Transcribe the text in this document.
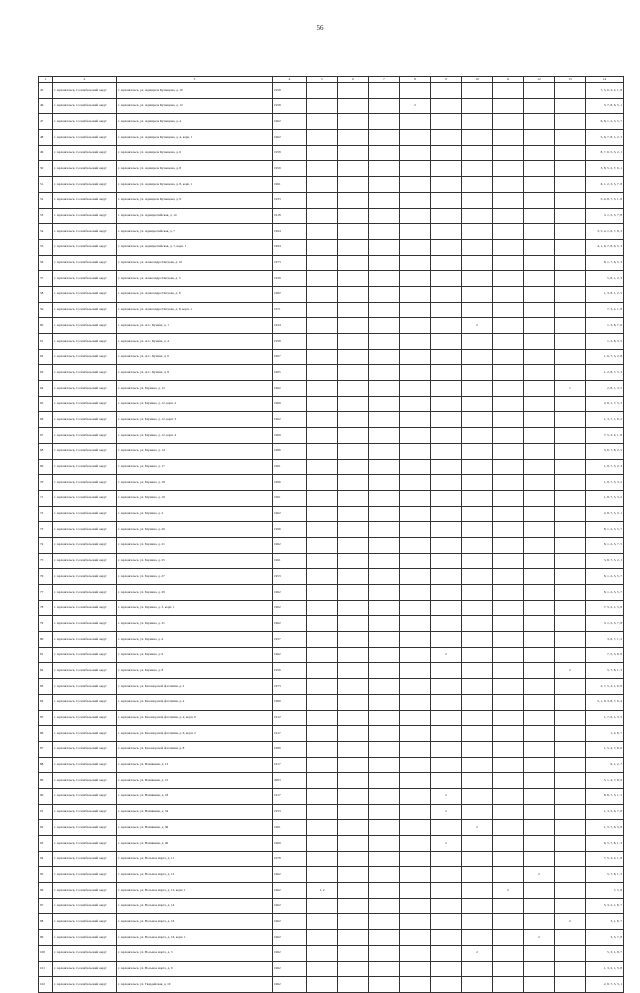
56
1	2	3	4	5	6	7	8	9	10	11	12	13	14
45	г. Архангельск, Соломбальский округ	г. Архангельск, ул. Адмирала Кузнецова, д. 10	1958										7, 5, 6, 3, 2, 1, 8
46	г. Архангельск, Соломбальский округ	г. Архангельск, ул. Адмирала Кузнецова, д. 12	1958				2						3, 7, 8, 6, 5, 1
47	г. Архангельск, Соломбальский округ	г. Архангельск, ул. Адмирала Кузнецова, д. 4	1962										6, 8, 1, 2, 3, 5, 7
48	г. Архангельск, Соломбальский округ	г. Архангельск, ул. Адмирала Кузнецова, д. 4, корп. 1	1962										5, 6, 7, 8, 1, 2, 3
49	г. Архангельск, Соломбальский округ	г. Архангельск, ул. Адмирала Кузнецова, д. 6	1958										8, 7, 6, 5, 3, 2, 1
50	г. Архангельск, Соломбальский округ	г. Архангельск, ул. Адмирала Кузнецова, д. 8	1959										3, 8, 5, 2, 7, 6, 1
51	г. Архангельск, Соломбальский округ	г. Архангельск, ул. Адмирала Кузнецова, д. 8, корп. 1	1961										6, 1, 2, 3, 5, 7, 8
52	г. Архангельск, Соломбальский округ	г. Архангельск, ул. Адмирала Кузнецова, д. 9	1933										5, 4, 8, 7, 3, 1, 6
53	г. Архангельск, Соломбальский округ	г. Архангельск, ул. Адмиралтейская, д. 14	1918										3, 1, 2, 5, 7, 8
54	г. Архангельск, Соломбальский округ	г. Архангельск, ул. Адмиралтейская, д. 7	1994										3, 5, 4, 1, 6, 7, 8, 3
55	г. Архангельск, Соломбальский округ	г. Архангельск, ул. Адмиралтейская, д. 7, корп. 1	1994										4, 1, 6, 7, 8, 9, 5, 3
56	г. Архангельск, Соломбальский округ	г. Архангельск, ул. Александра Петрова, д. 10	1973										8, 1, 7, 6, 5, 3
57	г. Архангельск, Соломбальский округ	г. Архангельск, ул. Александра Петрова, д. 5	1939										5, 8, 1, 2, 3
58	г. Архангельск, Соломбальский округ	г. Архангельск, ул. Александра Петрова, д. 8	1982										1, 3, 8, 1, 2, 5
59	г. Архангельск, Соломбальский округ	г. Архангельск, ул. Александра Петрова, д. 8, корп. 1	1971										7, 3, 2, 1, 8
60	г. Архангельск, Соломбальский округ	г. Архангельск, ул. А.С. Кучина, д. 1	1934						2				1, 3, 8, 7, 6
61	г. Архангельск, Соломбальский округ	г. Архангельск, ул. А.С. Кучина, д. 4	1958										1, 2, 8, 3, 5
62	г. Архангельск, Соломбальский округ	г. Архангельск, ул. А.С. Кучина, д. 6	1967										1, 6, 7, 5, 2, 8
63	г. Архангельск, Соломбальский округ	г. Архангельск, ул. А.С. Кучина, д. 8	1965										1, 2, 8, 7, 5, 3
64	г. Архангельск, Соломбальский округ	г. Архангельск, ул. Баумана, д. 12	1962									1	2, 8, 1, 3, 5
65	г. Архангельск, Соломбальский округ	г. Архангельск, ул. Баумана, д. 12, корп. 2	1969										2, 8, 1, 7, 5, 3
66	г. Архангельск, Соломбальский округ	г. Архангельск, ул. Баумана, д. 12, корп. 3	1962										1, 3, 7, 1, 8, 2
67	г. Архангельск, Соломбальский округ	г. Архангельск, ул. Баумана, д. 12, корп. 4	1969										7, 5, 3, 2, 1, 8
68	г. Архангельск, Соломбальский округ	г. Архангельск, ул. Баумана, д. 14	1986										3, 6, 7, 8, 2, 5
69	г. Архангельск, Соломбальский округ	г. Архангельск, ул. Баумана, д. 17	1961										1, 8, 7, 5, 2, 3
70	г. Архангельск, Соломбальский округ	г. Архангельск, ул. Баумана, д. 18	1996										1, 8, 7, 5, 3, 2
71	г. Архангельск, Соломбальский округ	г. Архангельск, ул. Баумана, д. 19	1961										1, 8, 7, 5, 3, 2
72	г. Архангельск, Соломбальский округ	г. Архангельск, ул. Баумана, д. 2	1962										2, 8, 7, 5, 3, 1
73	г. Архангельск, Соломбальский округ	г. Архангельск, ул. Баумана, д. 20	1996										8, 1, 2, 3, 5, 7
74	г. Архангельск, Соломбальский округ	г. Архангельск, ул. Баумана, д. 21	1962										8, 1, 2, 3, 7, 5
75	г. Архангельск, Соломбальский округ	г. Архангельск, ул. Баумана, д. 25	1961										3, 8, 7, 5, 2, 1
76	г. Архангельск, Соломбальский округ	г. Архангельск, ул. Баумана, д. 27	1953										8, 1, 2, 3, 5, 7
77	г. Архангельск, Соломбальский округ	г. Архангельск, ул. Баумана, д. 29	1962										8, 1, 2, 3, 5, 7
78	г. Архангельск, Соломбальский округ	г. Архангельск, ул. Баумана, д. 3, корп. 1	1962										7, 5, 2, 1, 5, 8
79	г. Архангельск, Соломбальский округ	г. Архангельск, ул. Баумана, д. 31	1962										3, 1, 2, 5, 7, 8
80	г. Архангельск, Соломбальский округ	г. Архангельск, ул. Баумана, д. 4	1957										3, 6, 7, 1, 2
81	г. Архангельск, Соломбальский округ	г. Архангельск, ул. Баумана, д. 6	1962					2					7, 5, 3, 8, 8
82	г. Архангельск, Соломбальский округ	г. Архангельск, ул. Баумана, д. 8	1956									2	5, 7, 8, 1, 3
83	г. Архангельск, Соломбальский округ	г. Архангельск, ул. Беломорской флотилии, д. 2	1973										2, 7, 5, 3, 1, 6, 8
84	г. Архангельск, Соломбальский округ	г. Архангельск, ул. Беломорской флотилии, д. 4	1980										5, 1, 9, 3, 8, 7, 6, 4
85	г. Архангельск, Соломбальский округ	г. Архангельск, ул. Беломорской флотилии, д. 4, корп. 6	1912										1, 7, 6, 1, 3, 5
86	г. Архангельск, Соломбальский округ	г. Архангельск, ул. Беломорской флотилии, д. 6, корп. 2	1917										1, 2, 8, 7
87	г. Архангельск, Соломбальский округ	г. Архангельск, ул. Беломорской флотилии, д. 8	1989										1, 5, 4, 7, 8, 6
88	г. Архангельск, Соломбальский округ	г. Архангельск, ул. Валявкина, д. 13	1917										6, 1, 2, 7
89	г. Архангельск, Соломбальский округ	г. Архангельск, ул. Валявкина, д. 15	2003										5, 1, 4, 7, 8, 9
90	г. Архангельск, Соломбальский округ	г. Архангельск, ул. Валявкина, д. 18	1917					2					8, 6, 7, 3, 1, 5
91	г. Архангельск, Соломбальский округ	г. Архангельск, ул. Валявкина, д. 34	1953					2					1, 3, 5, 6, 7, 8
92	г. Архангельск, Соломбальский округ	г. Архангельск, ул. Валявкина, д. 36	1961						2				1, 5, 7, 6, 5, 8
93	г. Архангельск, Соломбальский округ	г. Архангельск, ул. Валявкина, д. 40	1960					2					6, 5, 7, 8, 1, 3
94	г. Архангельск, Соломбальский округ	г. Архангельск, ул. Восьмое марта, д. 11	1978										7, 5, 3, 2, 1, 8
95	г. Архангельск, Соломбальский округ	г. Архангельск, ул. Восьмое марта, д. 12	1962								2		5, 7, 8, 1, 3
96	г. Архангельск, Соломбальский округ	г. Архангельск, ул. Восьмое марта, д. 12, корп. 1	1962	1, 2						2			7, 5, 8
97	г. Архангельск, Соломбальский округ	г. Архангельск, ул. Восьмое марта, д. 14	1962										5, 3, 2, 1, 8, 7
98	г. Архангельск, Соломбальский округ	г. Архангельск, ул. Восьмое марта, д. 16	1962									2	3, 1, 8, 7
99	г. Архангельск, Соломбальский округ	г. Архангельск, ул. Восьмое марта, д. 16, корп. 1	1962								2		3, 5, 7, 8
100	г. Архангельск, Соломбальский округ	г. Архангельск, ул. Восьмое марта, д. 3	1962						2				5, 3, 1, 8, 7
101	г. Архангельск, Соломбальский округ	г. Архангельск, ул. Восьмое марта, д. 9	1962										1, 3, 2, 1, 5, 8
102	г. Архангельск, Соломбальский округ	г. Архангельск, ул. Гвардейская, д. 10	1962										2, 8, 7, 5, 3, 1
